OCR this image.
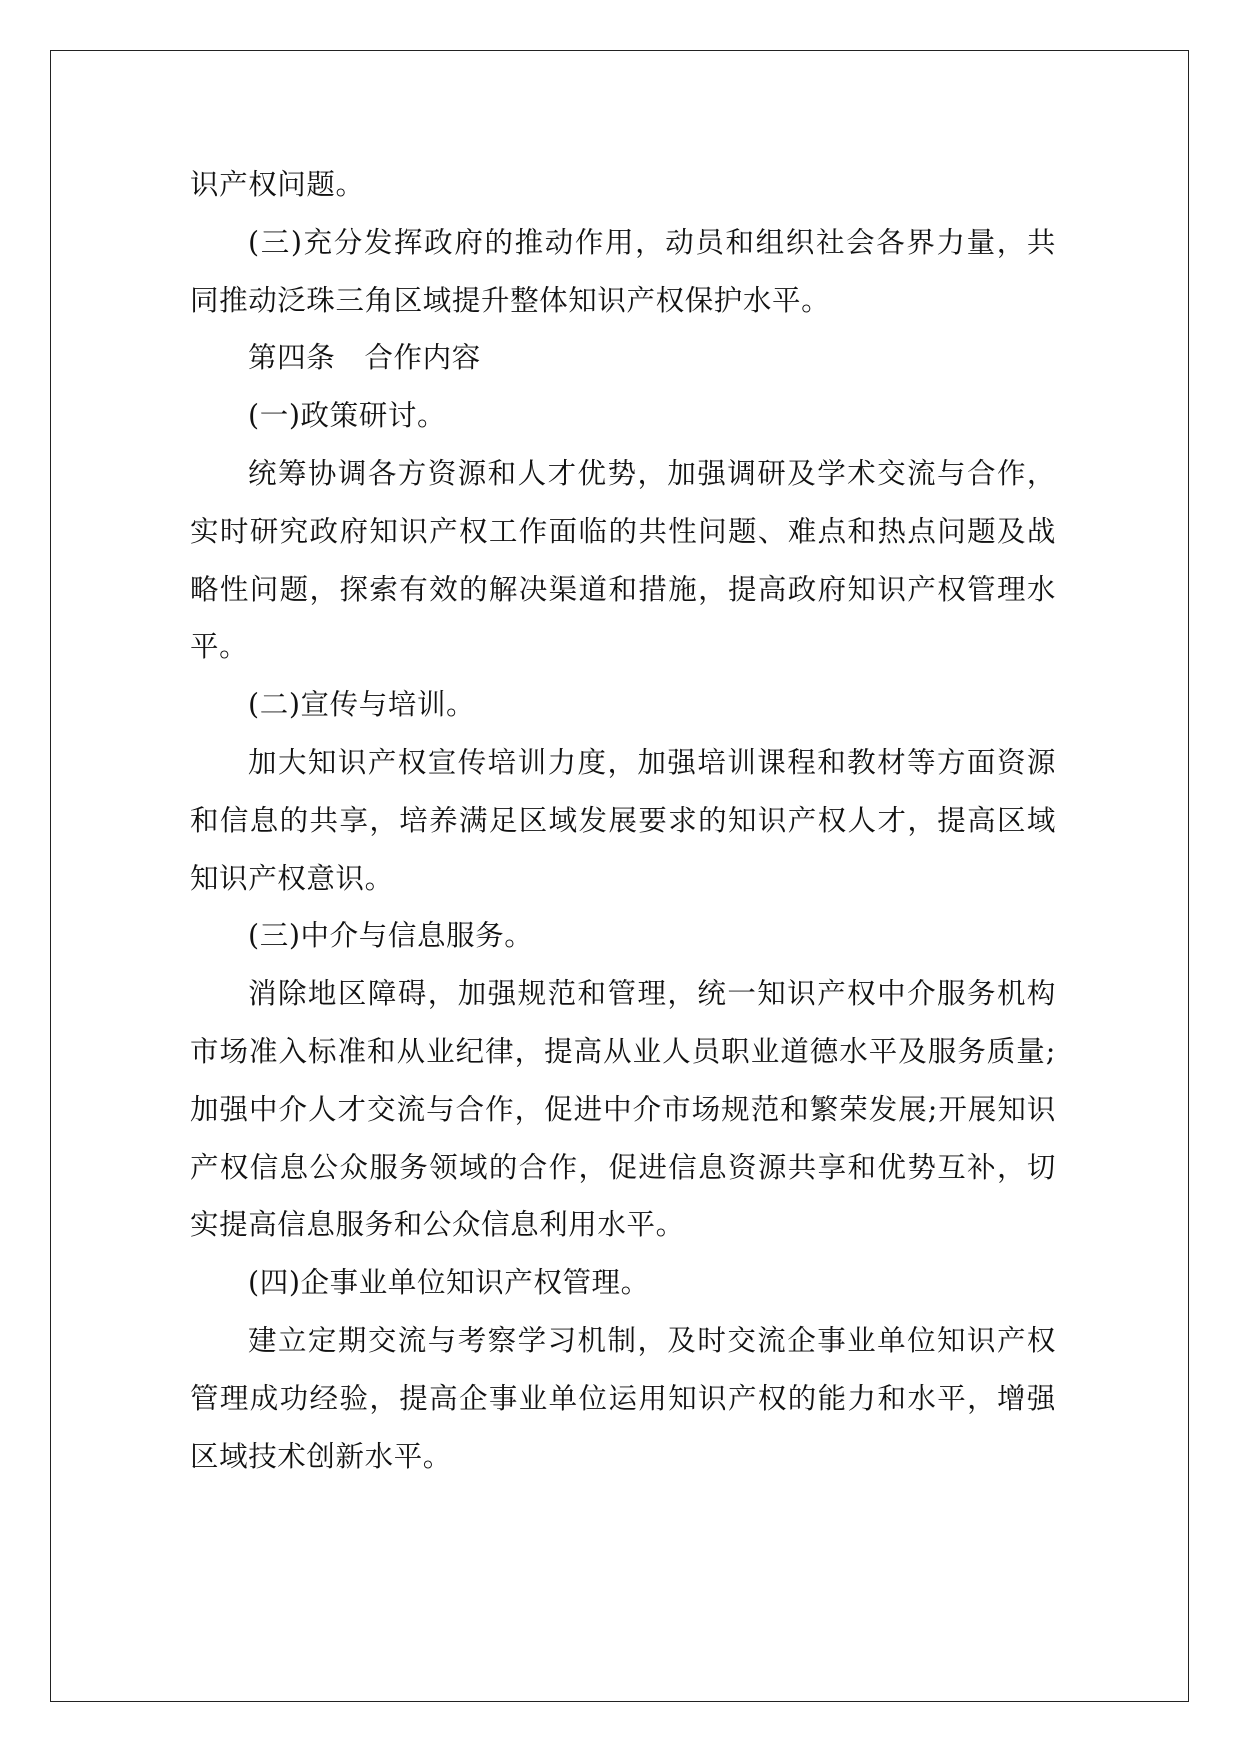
识产权问题。

(三)充分发挥政府的推动作用，动员和组织社会各界力量，共同推动泛珠三角区域提升整体知识产权保护水平。

第四条　合作内容

(一)政策研讨。

统筹协调各方资源和人才优势，加强调研及学术交流与合作，实时研究政府知识产权工作面临的共性问题、难点和热点问题及战略性问题，探索有效的解决渠道和措施，提高政府知识产权管理水平。

(二)宣传与培训。

加大知识产权宣传培训力度，加强培训课程和教材等方面资源和信息的共享，培养满足区域发展要求的知识产权人才，提高区域知识产权意识。

(三)中介与信息服务。

消除地区障碍，加强规范和管理，统一知识产权中介服务机构市场准入标准和从业纪律，提高从业人员职业道德水平及服务质量;加强中介人才交流与合作，促进中介市场规范和繁荣发展;开展知识产权信息公众服务领域的合作，促进信息资源共享和优势互补，切实提高信息服务和公众信息利用水平。

(四)企事业单位知识产权管理。

建立定期交流与考察学习机制，及时交流企事业单位知识产权管理成功经验，提高企事业单位运用知识产权的能力和水平，增强区域技术创新水平。
